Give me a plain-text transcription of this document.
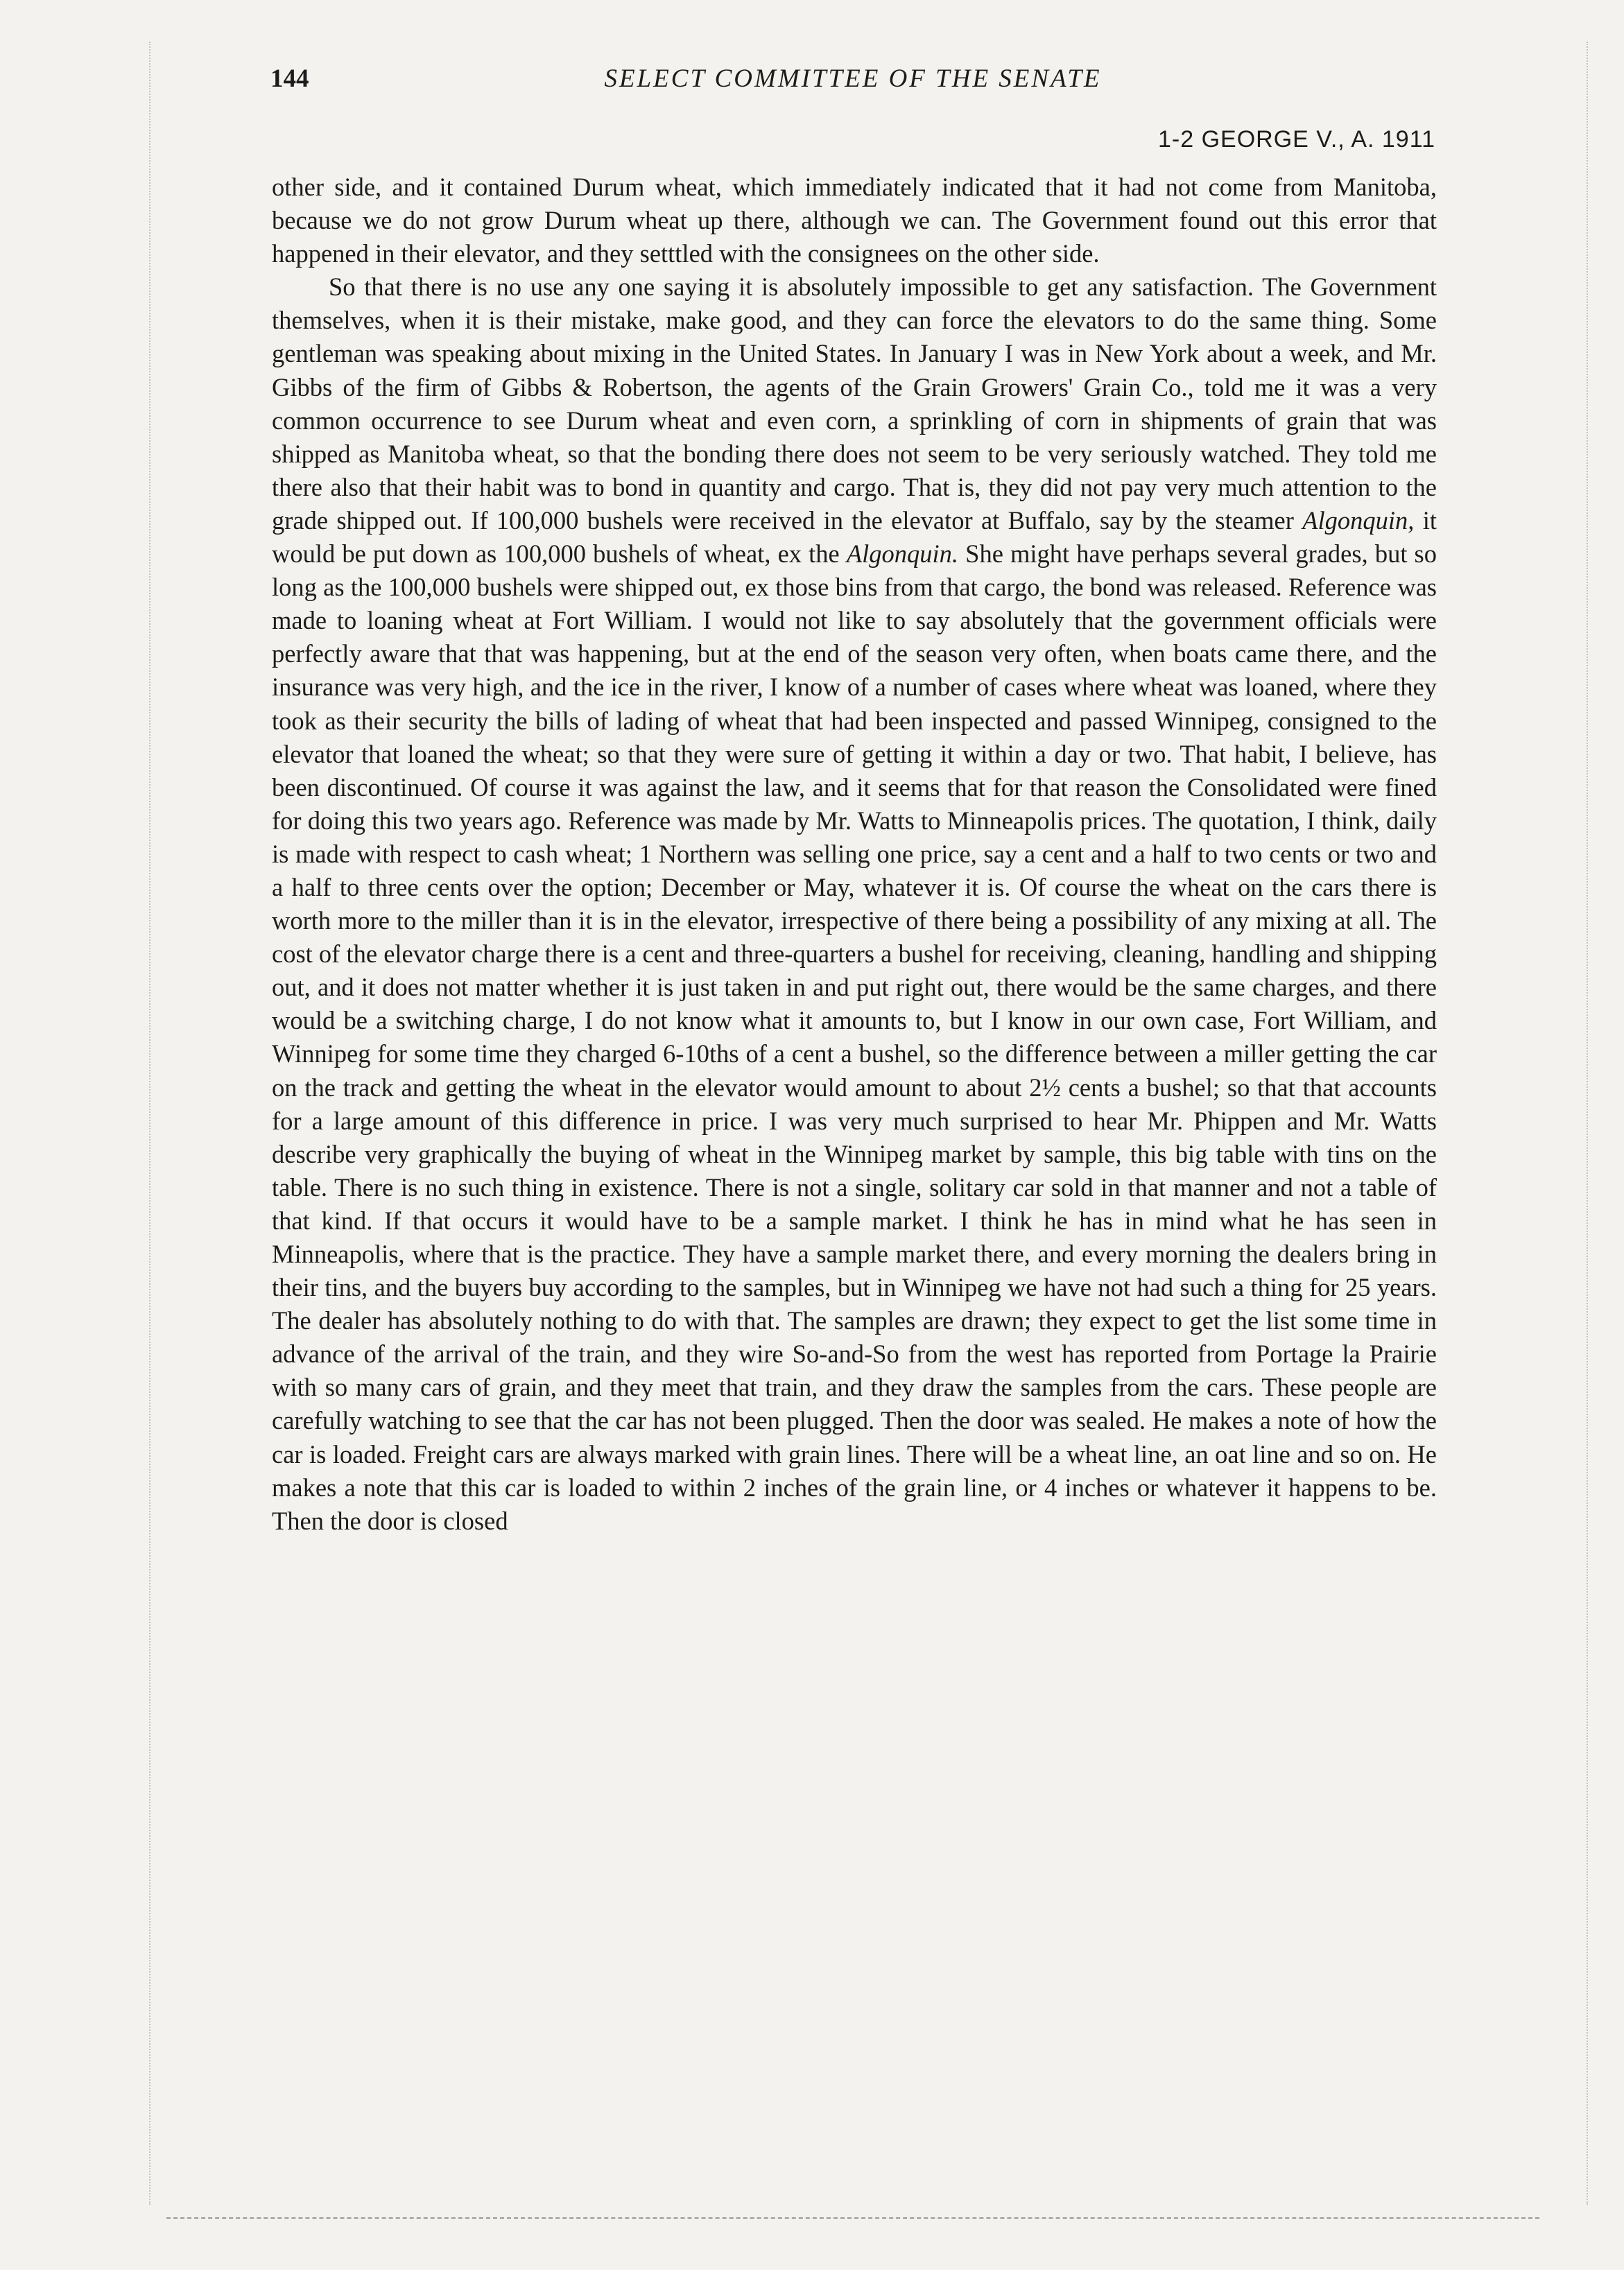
144	SELECT COMMITTEE OF THE SENATE
1-2 GEORGE V., A. 1911

other side, and it contained Durum wheat, which immediately indicated that it had not come from Manitoba, because we do not grow Durum wheat up there, although we can. The Government found out this error that happened in their elevator, and they setttled with the consignees on the other side.

So that there is no use any one saying it is absolutely impossible to get any satisfaction. The Government themselves, when it is their mistake, make good, and they can force the elevators to do the same thing. Some gentleman was speaking about mixing in the United States. In January I was in New York about a week, and Mr. Gibbs of the firm of Gibbs & Robertson, the agents of the Grain Growers' Grain Co., told me it was a very common occurrence to see Durum wheat and even corn, a sprinkling of corn in shipments of grain that was shipped as Manitoba wheat, so that the bonding there does not seem to be very seriously watched. They told me there also that their habit was to bond in quantity and cargo. That is, they did not pay very much attention to the grade shipped out. If 100,000 bushels were received in the elevator at Buffalo, say by the steamer Algonquin, it would be put down as 100,000 bushels of wheat, ex the Algonquin. She might have perhaps several grades, but so long as the 100,000 bushels were shipped out, ex those bins from that cargo, the bond was released. Reference was made to loaning wheat at Fort William. I would not like to say absolutely that the government officials were perfectly aware that that was happening, but at the end of the season very often, when boats came there, and the insurance was very high, and the ice in the river, I know of a number of cases where wheat was loaned, where they took as their security the bills of lading of wheat that had been inspected and passed Winnipeg, consigned to the elevator that loaned the wheat; so that they were sure of getting it within a day or two. That habit, I believe, has been discontinued. Of course it was against the law, and it seems that for that reason the Consolidated were fined for doing this two years ago. Reference was made by Mr. Watts to Minneapolis prices. The quotation, I think, daily is made with respect to cash wheat; 1 Northern was selling one price, say a cent and a half to two cents or two and a half to three cents over the option; December or May, whatever it is. Of course the wheat on the cars there is worth more to the miller than it is in the elevator, irrespective of there being a possibility of any mixing at all. The cost of the elevator charge there is a cent and three-quarters a bushel for receiving, cleaning, handling and shipping out, and it does not matter whether it is just taken in and put right out, there would be the same charges, and there would be a switching charge, I do not know what it amounts to, but I know in our own case, Fort William, and Winnipeg for some time they charged 6-10ths of a cent a bushel, so the difference between a miller getting the car on the track and getting the wheat in the elevator would amount to about 2½ cents a bushel; so that that accounts for a large amount of this difference in price. I was very much surprised to hear Mr. Phippen and Mr. Watts describe very graphically the buying of wheat in the Winnipeg market by sample, this big table with tins on the table. There is no such thing in existence. There is not a single, solitary car sold in that manner and not a table of that kind. If that occurs it would have to be a sample market. I think he has in mind what he has seen in Minneapolis, where that is the practice. They have a sample market there, and every morning the dealers bring in their tins, and the buyers buy according to the samples, but in Winnipeg we have not had such a thing for 25 years. The dealer has absolutely nothing to do with that. The samples are drawn; they expect to get the list some time in advance of the arrival of the train, and they wire So-and-So from the west has reported from Portage la Prairie with so many cars of grain, and they meet that train, and they draw the samples from the cars. These people are carefully watching to see that the car has not been plugged. Then the door was sealed. He makes a note of how the car is loaded. Freight cars are always marked with grain lines. There will be a wheat line, an oat line and so on. He makes a note that this car is loaded to within 2 inches of the grain line, or 4 inches or whatever it happens to be. Then the door is closed
